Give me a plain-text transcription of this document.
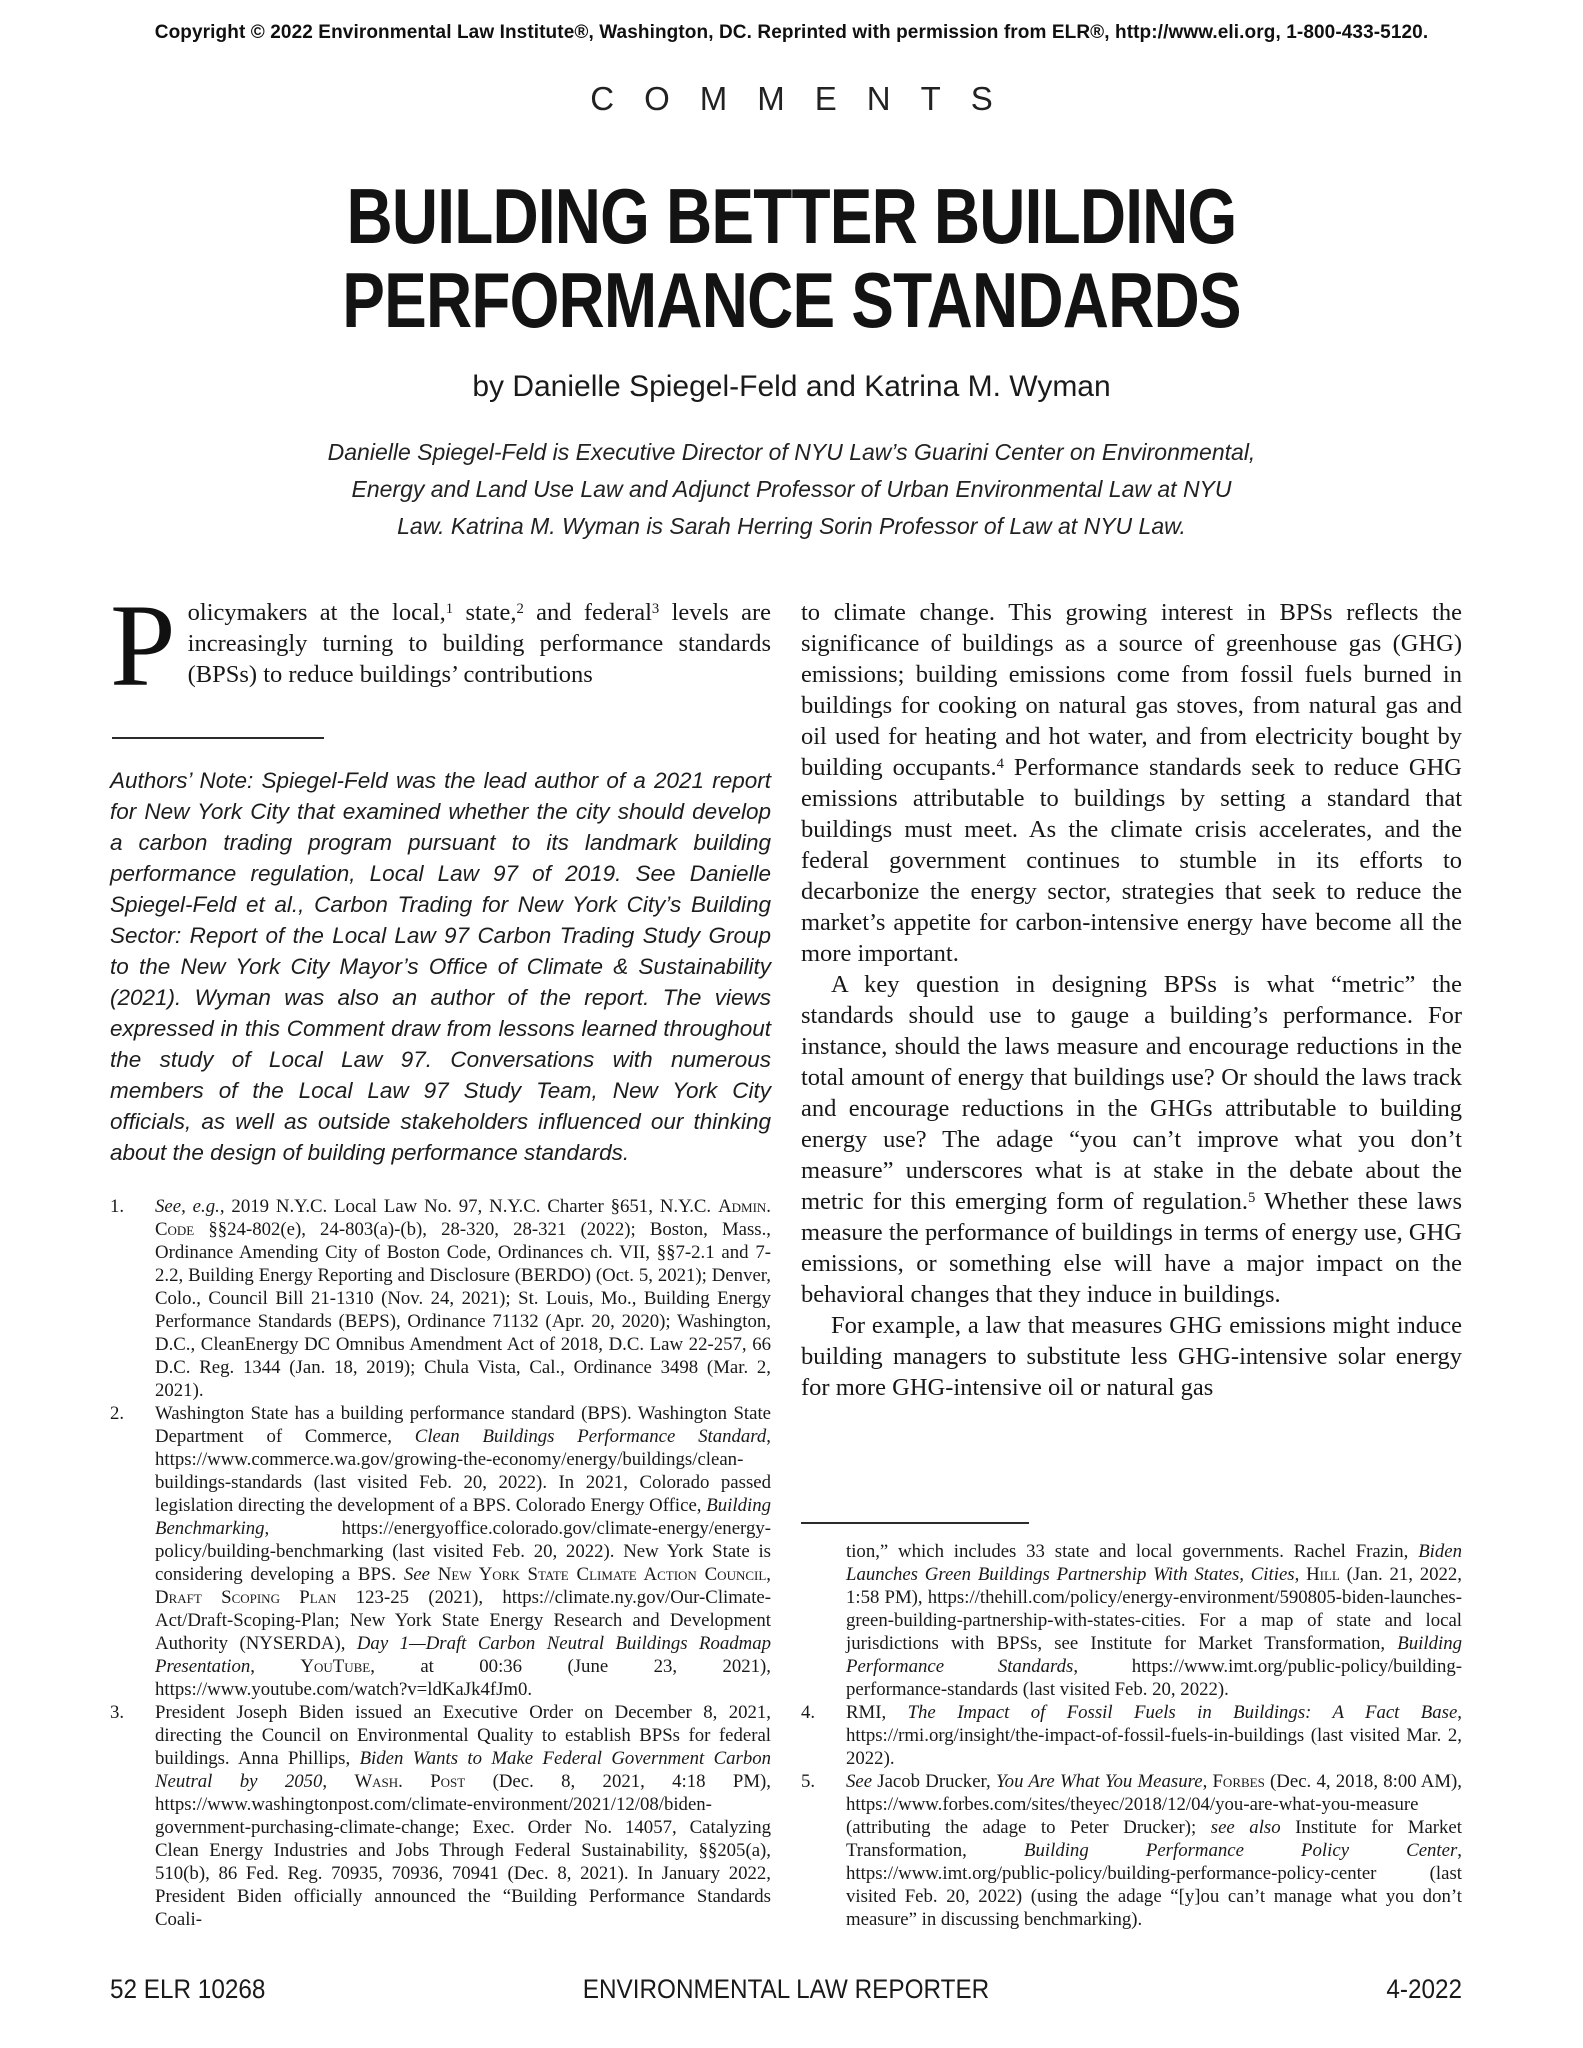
Copyright © 2022 Environmental Law Institute®, Washington, DC. Reprinted with permission from ELR®, http://www.eli.org, 1-800-433-5120.
COMMENTS
BUILDING BETTER BUILDING
PERFORMANCE STANDARDS
by Danielle Spiegel-Feld and Katrina M. Wyman
Danielle Spiegel-Feld is Executive Director of NYU Law’s Guarini Center on Environmental,
Energy and Land Use Law and Adjunct Professor of Urban Environmental Law at NYU
Law. Katrina M. Wyman is Sarah Herring Sorin Professor of Law at NYU Law.
Policymakers at the local,$^1$ state,$^2$ and federal$^3$ levels are increasingly turning to building performance standards (BPSs) to reduce buildings’ contributions
Authors’ Note: Spiegel-Feld was the lead author of a 2021 report for New York City that examined whether the city should develop a carbon trading program pursuant to its landmark building performance regulation, Local Law 97 of 2019. See Danielle Spiegel-Feld et al., Carbon Trading for New York City’s Building Sector: Report of the Local Law 97 Carbon Trading Study Group to the New York City Mayor’s Office of Climate & Sustainability (2021). Wyman was also an author of the report. The views expressed in this Comment draw from lessons learned throughout the study of Local Law 97. Conversations with numerous members of the Local Law 97 Study Team, New York City officials, as well as outside stakeholders influenced our thinking about the design of building performance standards.
1.	See, e.g., 2019 N.Y.C. Local Law No. 97, N.Y.C. Charter §651, N.Y.C. Admin. Code §§24-802(e), 24-803(a)-(b), 28-320, 28-321 (2022); Boston, Mass., Ordinance Amending City of Boston Code, Ordinances ch. VII, §§7-2.1 and 7-2.2, Building Energy Reporting and Disclosure (BERDO) (Oct. 5, 2021); Denver, Colo., Council Bill 21-1310 (Nov. 24, 2021); St. Louis, Mo., Building Energy Performance Standards (BEPS), Ordinance 71132 (Apr. 20, 2020); Washington, D.C., CleanEnergy DC Omnibus Amendment Act of 2018, D.C. Law 22-257, 66 D.C. Reg. 1344 (Jan. 18, 2019); Chula Vista, Cal., Ordinance 3498 (Mar. 2, 2021).
2.	Washington State has a building performance standard (BPS). Washington State Department of Commerce, Clean Buildings Performance Standard, https://www.commerce.wa.gov/growing-the-economy/energy/buildings/clean-buildings-standards (last visited Feb. 20, 2022). In 2021, Colorado passed legislation directing the development of a BPS. Colorado Energy Office, Building Benchmarking, https://energyoffice.colorado.gov/climate-energy/energy-policy/building-benchmarking (last visited Feb. 20, 2022). New York State is considering developing a BPS. See New York State Climate Action Council, Draft Scoping Plan 123-25 (2021), https://climate.ny.gov/Our-Climate-Act/Draft-Scoping-Plan; New York State Energy Research and Development Authority (NYSERDA), Day 1—Draft Carbon Neutral Buildings Roadmap Presentation, YouTube, at 00:36 (June 23, 2021), https://www.youtube.com/watch?v=ldKaJk4fJm0.
3.	President Joseph Biden issued an Executive Order on December 8, 2021, directing the Council on Environmental Quality to establish BPSs for federal buildings. Anna Phillips, Biden Wants to Make Federal Government Carbon Neutral by 2050, Wash. Post (Dec. 8, 2021, 4:18 PM), https://www.washingtonpost.com/climate-environment/2021/12/08/biden-government-purchasing-climate-change; Exec. Order No. 14057, Catalyzing Clean Energy Industries and Jobs Through Federal Sustainability, §§205(a), 510(b), 86 Fed. Reg. 70935, 70936, 70941 (Dec. 8, 2021). In January 2022, President Biden officially announced the “Building Performance Standards Coali-
to climate change. This growing interest in BPSs reflects the significance of buildings as a source of greenhouse gas (GHG) emissions; building emissions come from fossil fuels burned in buildings for cooking on natural gas stoves, from natural gas and oil used for heating and hot water, and from electricity bought by building occupants.$^4$ Performance standards seek to reduce GHG emissions attributable to buildings by setting a standard that buildings must meet. As the climate crisis accelerates, and the federal government continues to stumble in its efforts to decarbonize the energy sector, strategies that seek to reduce the market’s appetite for carbon-intensive energy have become all the more important.
A key question in designing BPSs is what “metric” the standards should use to gauge a building’s performance. For instance, should the laws measure and encourage reductions in the total amount of energy that buildings use? Or should the laws track and encourage reductions in the GHGs attributable to building energy use? The adage “you can’t improve what you don’t measure” underscores what is at stake in the debate about the metric for this emerging form of regulation.$^5$ Whether these laws measure the performance of buildings in terms of energy use, GHG emissions, or something else will have a major impact on the behavioral changes that they induce in buildings.
For example, a law that measures GHG emissions might induce building managers to substitute less GHG-intensive solar energy for more GHG-intensive oil or natural gas
tion,” which includes 33 state and local governments. Rachel Frazin, Biden Launches Green Buildings Partnership With States, Cities, Hill (Jan. 21, 2022, 1:58 PM), https://thehill.com/policy/energy-environment/590805-biden-launches-green-building-partnership-with-states-cities. For a map of state and local jurisdictions with BPSs, see Institute for Market Transformation, Building Performance Standards, https://www.imt.org/public-policy/building-performance-standards (last visited Feb. 20, 2022).
4.	RMI, The Impact of Fossil Fuels in Buildings: A Fact Base, https://rmi.org/insight/the-impact-of-fossil-fuels-in-buildings (last visited Mar. 2, 2022).
5.	See Jacob Drucker, You Are What You Measure, Forbes (Dec. 4, 2018, 8:00 AM), https://www.forbes.com/sites/theyec/2018/12/04/you-are-what-you-measure (attributing the adage to Peter Drucker); see also Institute for Market Transformation, Building Performance Policy Center, https://www.imt.org/public-policy/building-performance-policy-center (last visited Feb. 20, 2022) (using the adage “[y]ou can’t manage what you don’t measure” in discussing benchmarking).
52 ELR 10268	ENVIRONMENTAL LAW REPORTER	4-2022
